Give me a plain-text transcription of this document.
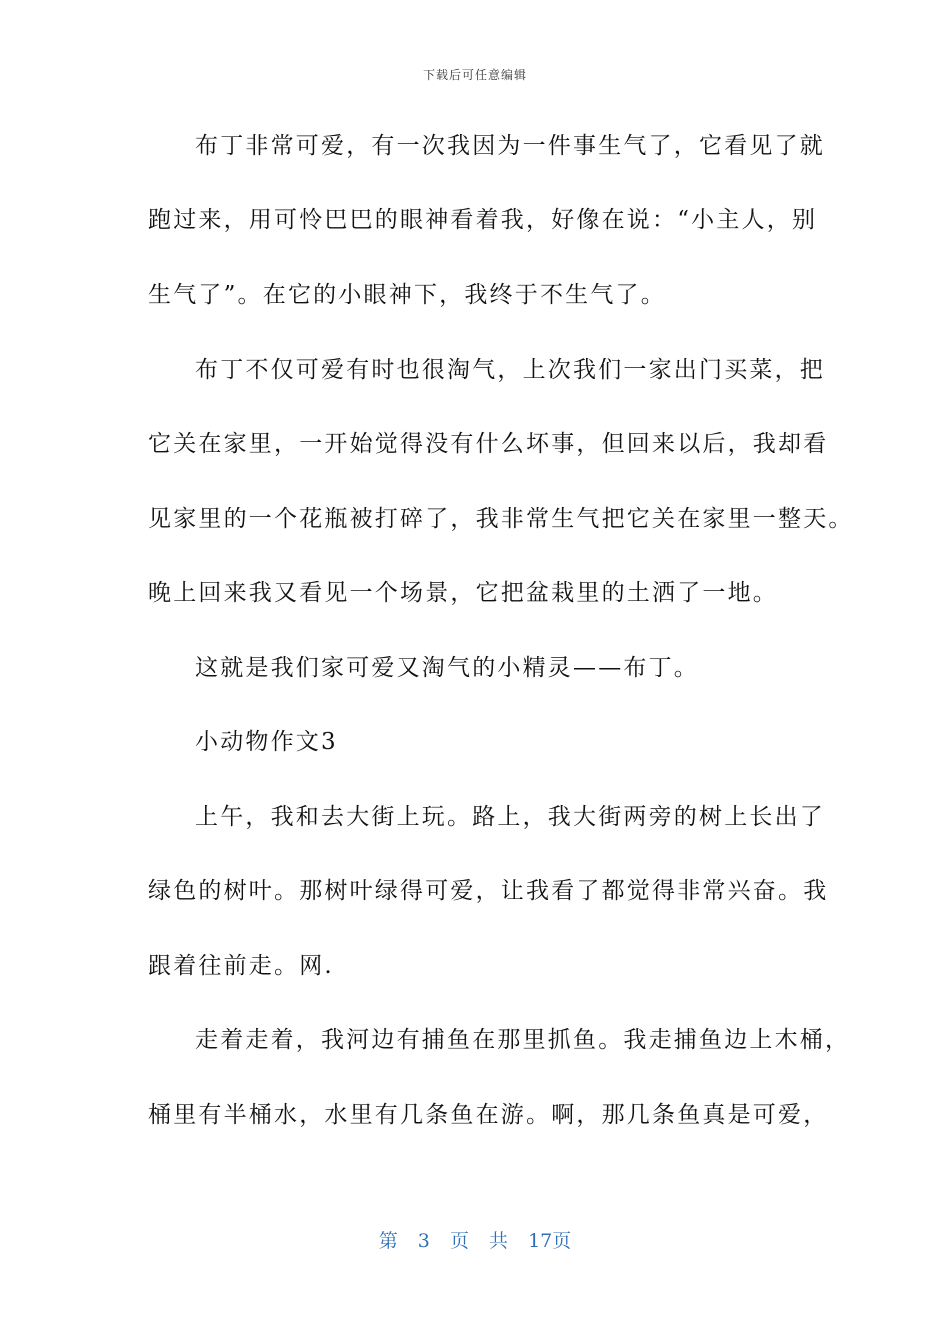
下载后可任意编辑
布丁非常可爱，有一次我因为一件事生气了，它看见了就
跑过来，用可怜巴巴的眼神看着我，好像在说：“小主人，别
生气了”。在它的小眼神下，我终于不生气了。
布丁不仅可爱有时也很淘气，上次我们一家出门买菜，把
它关在家里，一开始觉得没有什么坏事，但回来以后，我却看
见家里的一个花瓶被打碎了，我非常生气把它关在家里一整天。
晚上回来我又看见一个场景，它把盆栽里的土洒了一地。
这就是我们家可爱又淘气的小精灵——布丁。
小动物作文3
上午，我和去大街上玩。路上，我大街两旁的树上长出了
绿色的树叶。那树叶绿得可爱，让我看了都觉得非常兴奋。我
跟着往前走。网.
走着走着，我河边有捕鱼在那里抓鱼。我走捕鱼边上木桶，
桶里有半桶水，水里有几条鱼在游。啊，那几条鱼真是可爱，
第 3 页 共 17页
